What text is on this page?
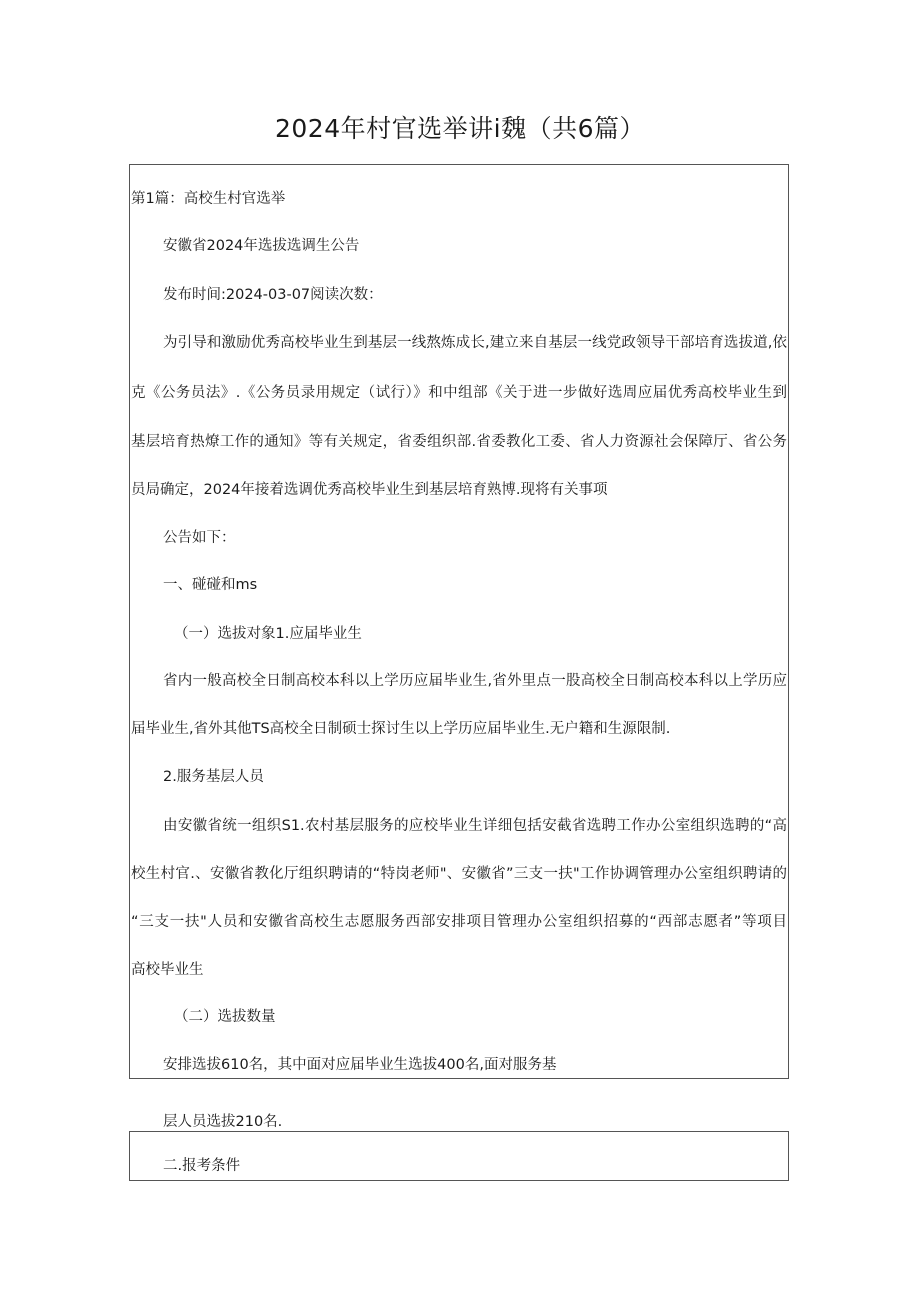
2024年村官选举讲i魏（共6篇）

第1篇：高校生村官选举

安徽省2024年选拔选调生公告

发布时间:2024-03-07阅读次数：

为引导和激励优秀高校毕业生到基层一线熬炼成长,建立来自基层一线党政领导干部培育选拔道,依

克《公务员法》.《公务员录用规定（试行）》和中组部《关于进一步做好选周应届优秀高校毕业生到

基层培育热燎工作的通知》等有关规定，省委组织部.省委教化工委、省人力资源社会保障厅、省公务

员局确定，2024年接着选调优秀高校毕业生到基层培育熟博.现将有关事项

公告如下：

一、碰碰和ms

（一）选拔对象1.应届毕业生

省内一般高校全日制高校本科以上学历应届毕业生,省外里点一股高校全日制高校本科以上学历应

届毕业生,省外其他TS高校全日制硕士探讨生以上学历应届毕业生.无户籍和生源限制.

2.服务基层人员

由安徽省统一组织S1.农村基层服务的应校毕业生详细包括安截省选聘工作办公室组织选聘的“高

校生村官.、安徽省教化厅组织聘请的“特岗老师"、安徽省”三支一扶"工作协调管理办公室组织聘请的

“三支一扶"人员和安徽省高校生志愿服务西部安排项目管理办公室组织招募的“西部志愿者”等项目

高校毕业生

（二）选拔数量

安排选拔610名，其中面对应届毕业生选拔400名,面对服务基

层人员选拔210名.

二.报考条件
